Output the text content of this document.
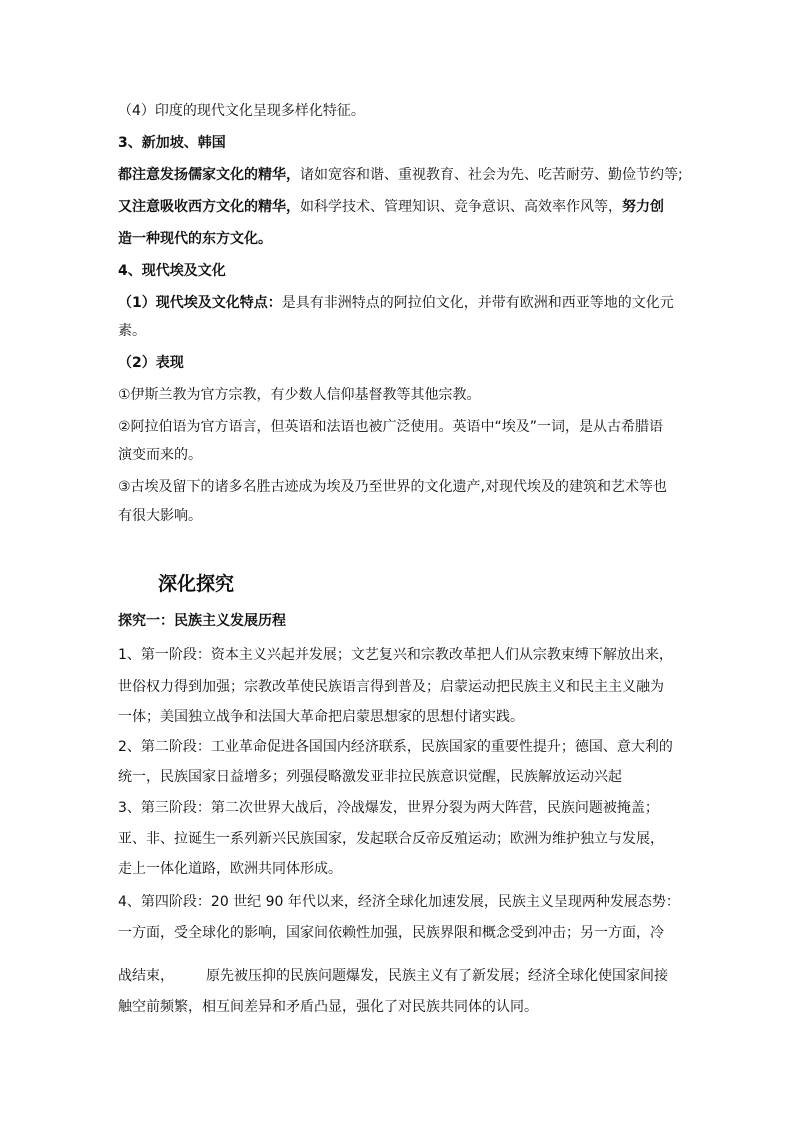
（4）印度的现代文化呈现多样化特征。
3、新加坡、韩国
都注意发扬儒家文化的精华，诸如宽容和谐、重视教育、社会为先、吃苦耐劳、勤俭节约等;
又注意吸收西方文化的精华，如科学技术、管理知识、竞争意识、高效率作风等，努力创
造一种现代的东方文化。
4、现代埃及文化
（1）现代埃及文化特点：是具有非洲特点的阿拉伯文化，并带有欧洲和西亚等地的文化元
素。
（2）表现
①伊斯兰教为官方宗教，有少数人信仰基督教等其他宗教。
②阿拉伯语为官方语言，但英语和法语也被广泛使用。英语中“埃及”一词，是从古希腊语
演变而来的。
③古埃及留下的诸多名胜古迹成为埃及乃至世界的文化遗产,对现代埃及的建筑和艺术等也
有很大影响。
深化探究
探究一：民族主义发展历程
1、第一阶段：资本主义兴起并发展；文艺复兴和宗教改革把人们从宗教束缚下解放出来，
世俗权力得到加强；宗教改革使民族语言得到普及；启蒙运动把民族主义和民主主义融为
一体；美国独立战争和法国大革命把启蒙思想家的思想付诸实践。
2、第二阶段：工业革命促进各国国内经济联系，民族国家的重要性提升；德国、意大利的
统一，民族国家日益增多；列强侵略激发亚非拉民族意识觉醒，民族解放运动兴起
3、第三阶段：第二次世界大战后，冷战爆发，世界分裂为两大阵营，民族问题被掩盖；
亚、非、拉诞生一系列新兴民族国家，发起联合反帝反殖运动；欧洲为维护独立与发展，
走上一体化道路，欧洲共同体形成。
4、第四阶段：20 世纪 90 年代以来，经济全球化加速发展，民族主义呈现两种发展态势：
一方面，受全球化的影响，国家间依赖性加强，民族界限和概念受到冲击；另一方面，冷
战结束， 原先被压抑的民族问题爆发，民族主义有了新发展；经济全球化使国家间接
触空前频繁，相互间差异和矛盾凸显，强化了对民族共同体的认同。
